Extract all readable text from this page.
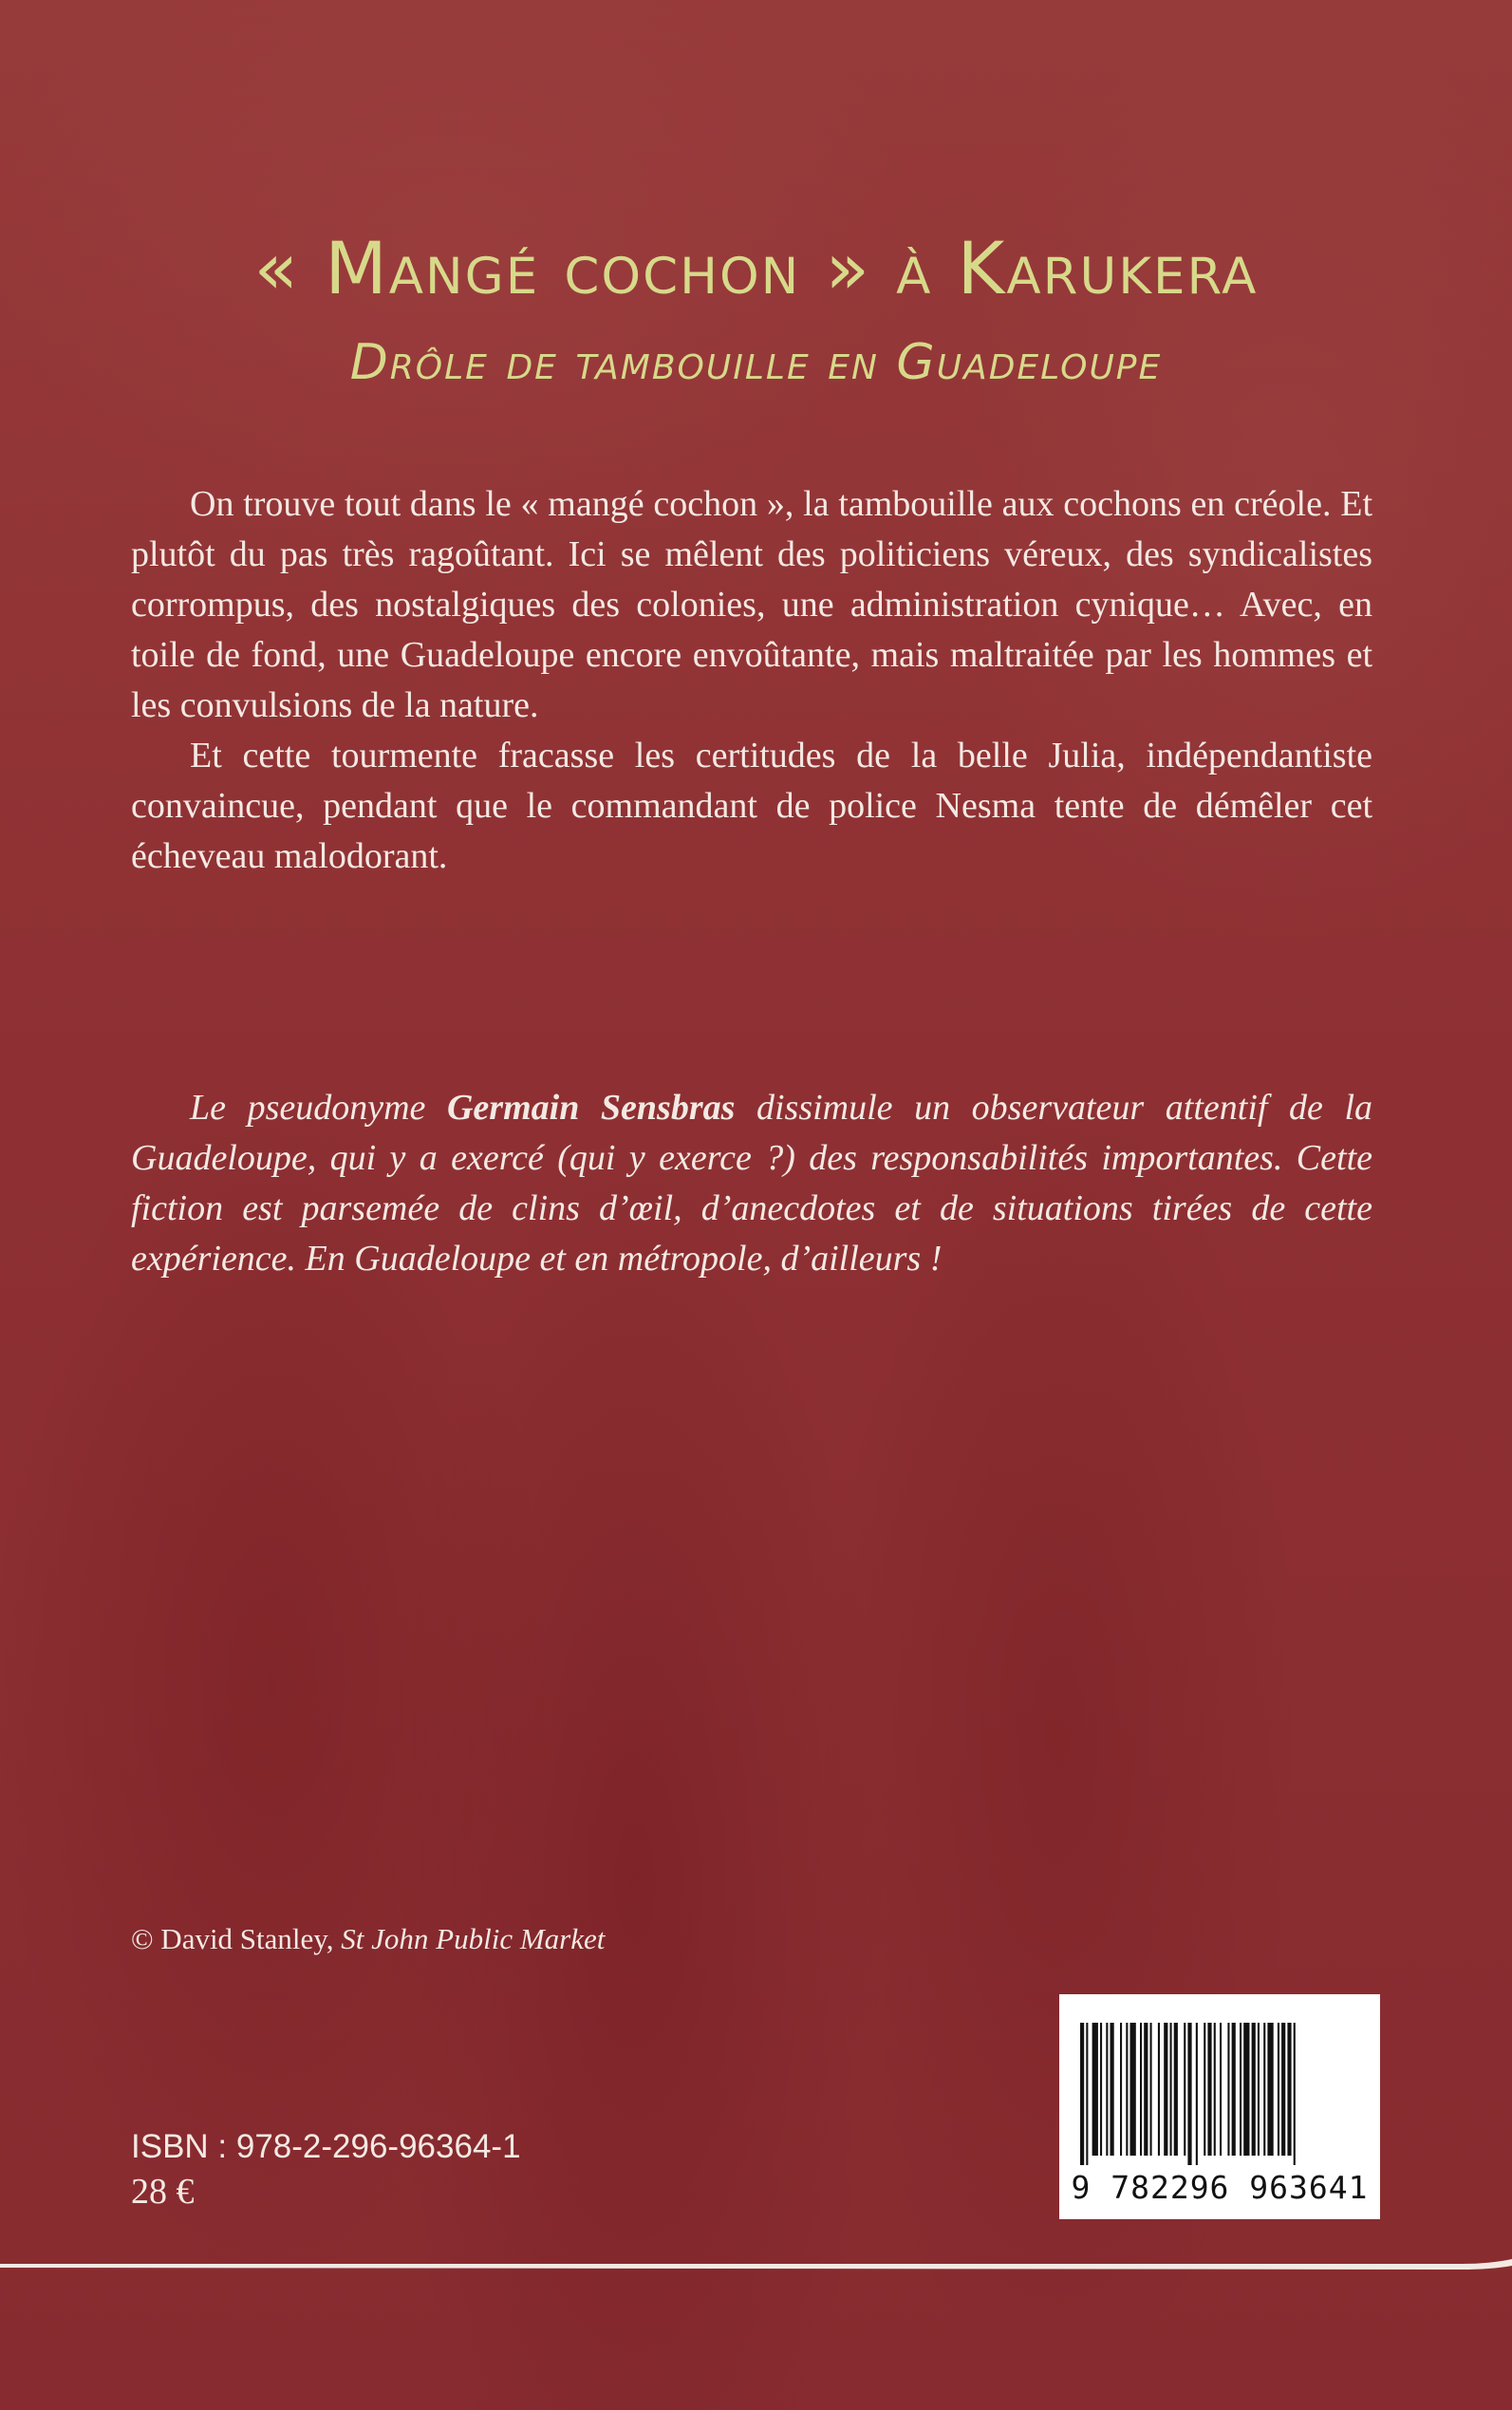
« Mangé cochon » à Karukera
Drôle de tambouille en Guadeloupe

On trouve tout dans le « mangé cochon », la tambouille aux cochons en créole. Et plutôt du pas très ragoûtant. Ici se mêlent des politiciens véreux, des syndicalistes corrompus, des nostalgiques des colonies, une administration cynique… Avec, en toile de fond, une Guadeloupe encore envoûtante, mais maltraitée par les hommes et les convulsions de la nature.

Et cette tourmente fracasse les certitudes de la belle Julia, indépendantiste convaincue, pendant que le commandant de police Nesma tente de démêler cet écheveau malodorant.

Le pseudonyme Germain Sensbras dissimule un observateur attentif de la Guadeloupe, qui y a exercé (qui y exerce ?) des responsabilités importantes. Cette fiction est parsemée de clins d’œil, d’anecdotes et de situations tirées de cette expérience. En Guadeloupe et en métropole, d’ailleurs !

© David Stanley, St John Public Market
ISBN : 978-2-296-96364-1
28 €	9 782296 963641
